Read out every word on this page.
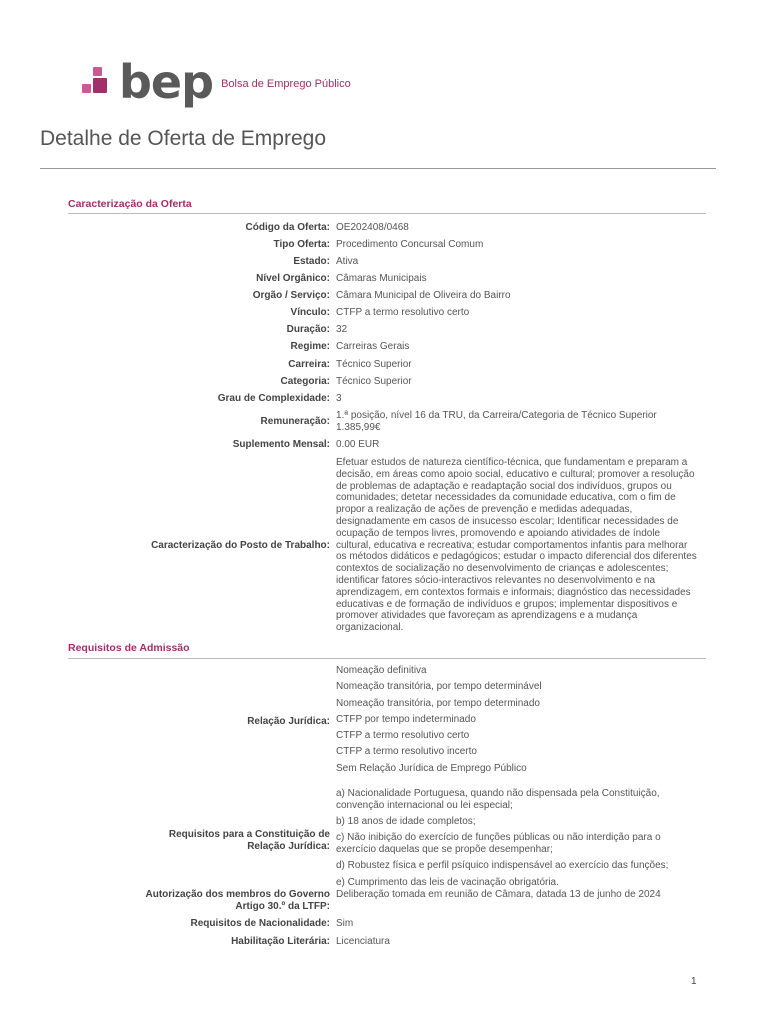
bep Bolsa de Emprego Público
Detalhe de Oferta de Emprego
Caracterização da Oferta
Código da Oferta: OE202408/0468
Tipo Oferta: Procedimento Concursal Comum
Estado: Ativa
Nível Orgânico: Câmaras Municipais
Orgão / Serviço: Câmara Municipal de Oliveira do Bairro
Vínculo: CTFP a termo resolutivo certo
Duração: 32
Regime: Carreiras Gerais
Carreira: Técnico Superior
Categoria: Técnico Superior
Grau de Complexidade: 3
Remuneração:
1.ª posição, nível 16 da TRU, da Carreira/Categoria de Técnico Superior
1.385,99€
Suplemento Mensal: 0.00 EUR
Caracterização do Posto de Trabalho:
Efetuar estudos de natureza científico-técnica, que fundamentam e preparam a
decisão, em áreas como apoio social, educativo e cultural; promover a resolução
de problemas de adaptação e readaptação social dos indivíduos, grupos ou
comunidades; detetar necessidades da comunidade educativa, com o fim de
propor a realização de ações de prevenção e medidas adequadas,
designadamente em casos de insucesso escolar; Identificar necessidades de
ocupação de tempos livres, promovendo e apoiando atividades de índole
cultural, educativa e recreativa; estudar comportamentos infantis para melhorar
os métodos didáticos e pedagógicos; estudar o impacto diferencial dos diferentes
contextos de socialização no desenvolvimento de crianças e adolescentes;
identificar fatores sócio-interactivos relevantes no desenvolvimento e na
aprendizagem, em contextos formais e informais; diagnóstico das necessidades
educativas e de formação de indivíduos e grupos; implementar dispositivos e
promover atividades que favoreçam as aprendizagens e a mudança
organizacional.
Requisitos de Admissão
Relação Jurídica:
Nomeação definitiva
Nomeação transitória, por tempo determinável
Nomeação transitória, por tempo determinado
CTFP por tempo indeterminado
CTFP a termo resolutivo certo
CTFP a termo resolutivo incerto
Sem Relação Jurídica de Emprego Público
Requisitos para a Constituição de
Relação Jurídica:
a) Nacionalidade Portuguesa, quando não dispensada pela Constituição,
convenção internacional ou lei especial;
b) 18 anos de idade completos;
c) Não inibição do exercício de funções públicas ou não interdição para o
exercício daquelas que se propõe desempenhar;
d) Robustez física e perfil psíquico indispensável ao exercício das funções;
e) Cumprimento das leis de vacinação obrigatória.
Autorização dos membros do Governo
Artigo 30.º da LTFP:
Deliberação tomada em reunião de Câmara, datada 13 de junho de 2024
Requisitos de Nacionalidade: Sim
Habilitação Literária: Licenciatura
1
